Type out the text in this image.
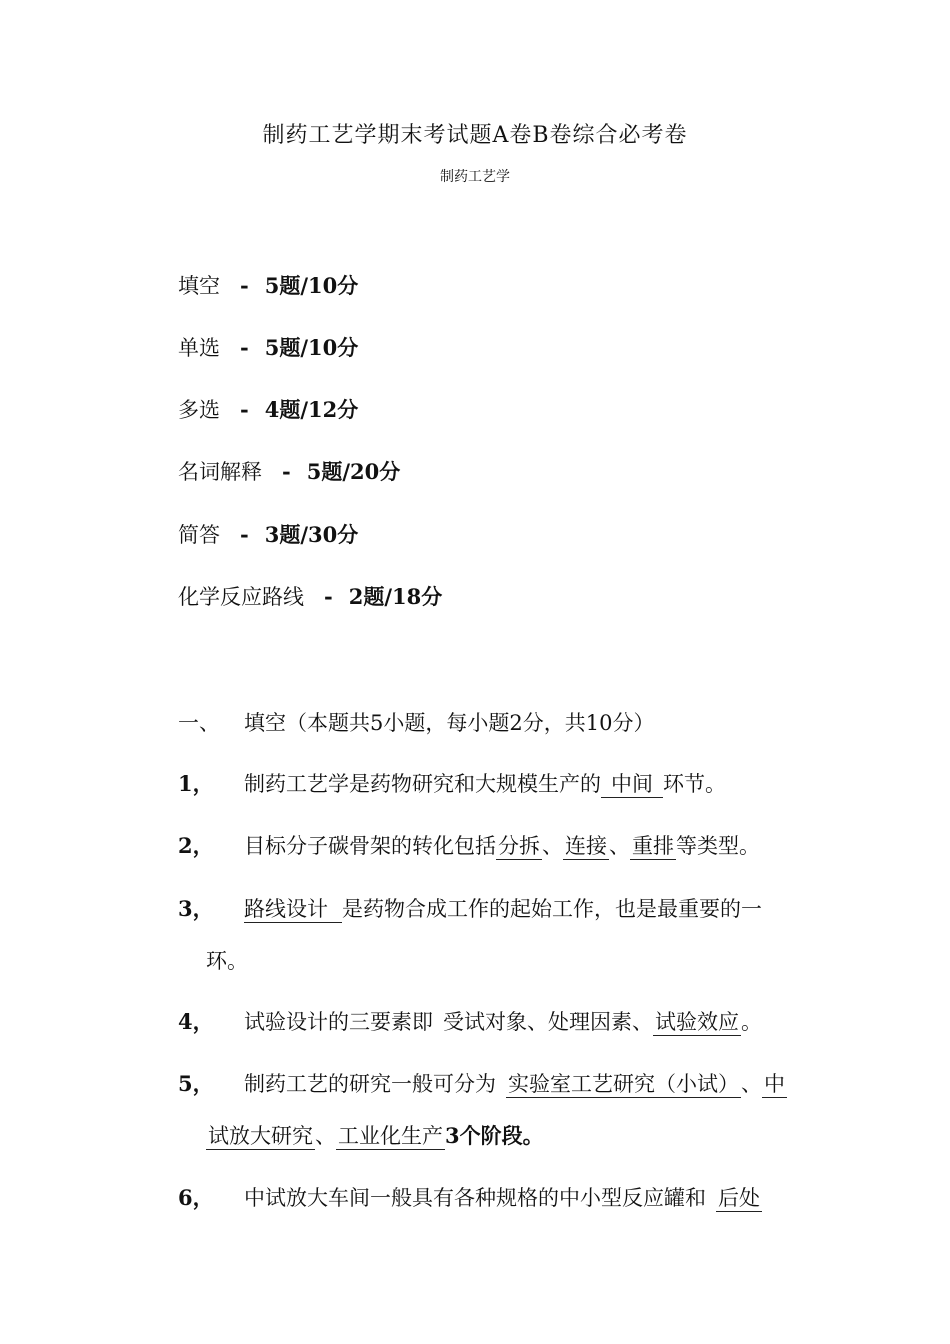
制药工艺学期末考试题A卷B卷综合必考卷
制药工艺学
填空 - 5题/10分
单选 - 5题/10分
多选 - 4题/12分
名词解释 - 5题/20分
简答 - 3题/30分
化学反应路线 - 2题/18分
一、 填空（本题共5小题，每小题2分，共10分）
1， 制药工艺学是药物研究和大规模生产的 中间 环节。
2， 目标分子碳骨架的转化包括分拆、连接、重排等类型。
3， 路线设计 是药物合成工作的起始工作，也是最重要的一
环。
4， 试验设计的三要素即 受试对象、处理因素、试验效应。
5， 制药工艺的研究一般可分为 实验室工艺研究（小试）、中
试放大研究、工业化生产3个阶段。
6， 中试放大车间一般具有各种规格的中小型反应罐和 后处
